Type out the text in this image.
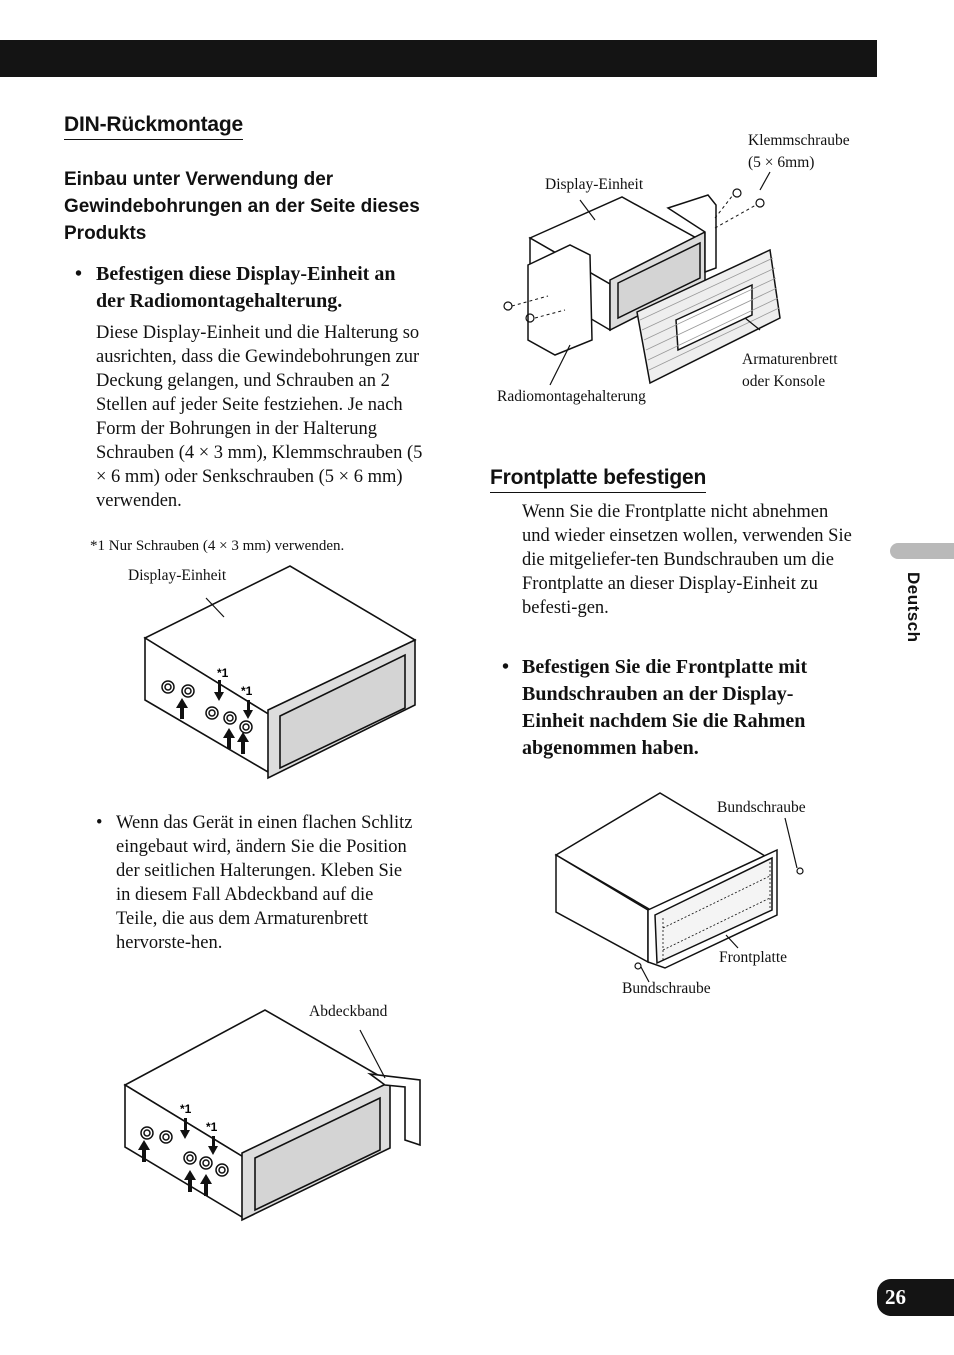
DIN-Rückmontage
Einbau unter Verwendung der Gewindebohrungen an der Seite dieses Produkts
• Befestigen diese Display-Einheit an der Radiomontagehalterung.
Diese Display-Einheit und die Halterung so ausrichten, dass die Gewindebohrungen zur Deckung gelangen, und Schrauben an 2 Stellen auf jeder Seite festziehen. Je nach Form der Bohrungen in der Halterung Schrauben (4 × 3 mm), Klemmschrauben (5 × 6 mm) oder Senkschrauben (5 × 6 mm) verwenden.
*1 Nur Schrauben (4 × 3 mm) verwenden.
Display-Einheit
*1
*1
• Wenn das Gerät in einen flachen Schlitz eingebaut wird, ändern Sie die Position der seitlichen Halterungen. Kleben Sie in diesem Fall Abdeckband auf die Teile, die aus dem Armaturenbrett hervorste-hen.
Abdeckband
*1
*1
Klemmschraube
(5 × 6mm)
Display-Einheit
Armaturenbrett
oder Konsole
Radiomontagehalterung
Frontplatte befestigen
Wenn Sie die Frontplatte nicht abnehmen und wieder einsetzen wollen, verwenden Sie die mitgeliefer-ten Bundschrauben um die Frontplatte an dieser Display-Einheit zu befesti-gen.
• Befestigen Sie die Frontplatte mit Bundschrauben an der Display-Einheit nachdem Sie die Rahmen abgenommen haben.
Bundschraube
Frontplatte
Bundschraube
Deutsch
26
